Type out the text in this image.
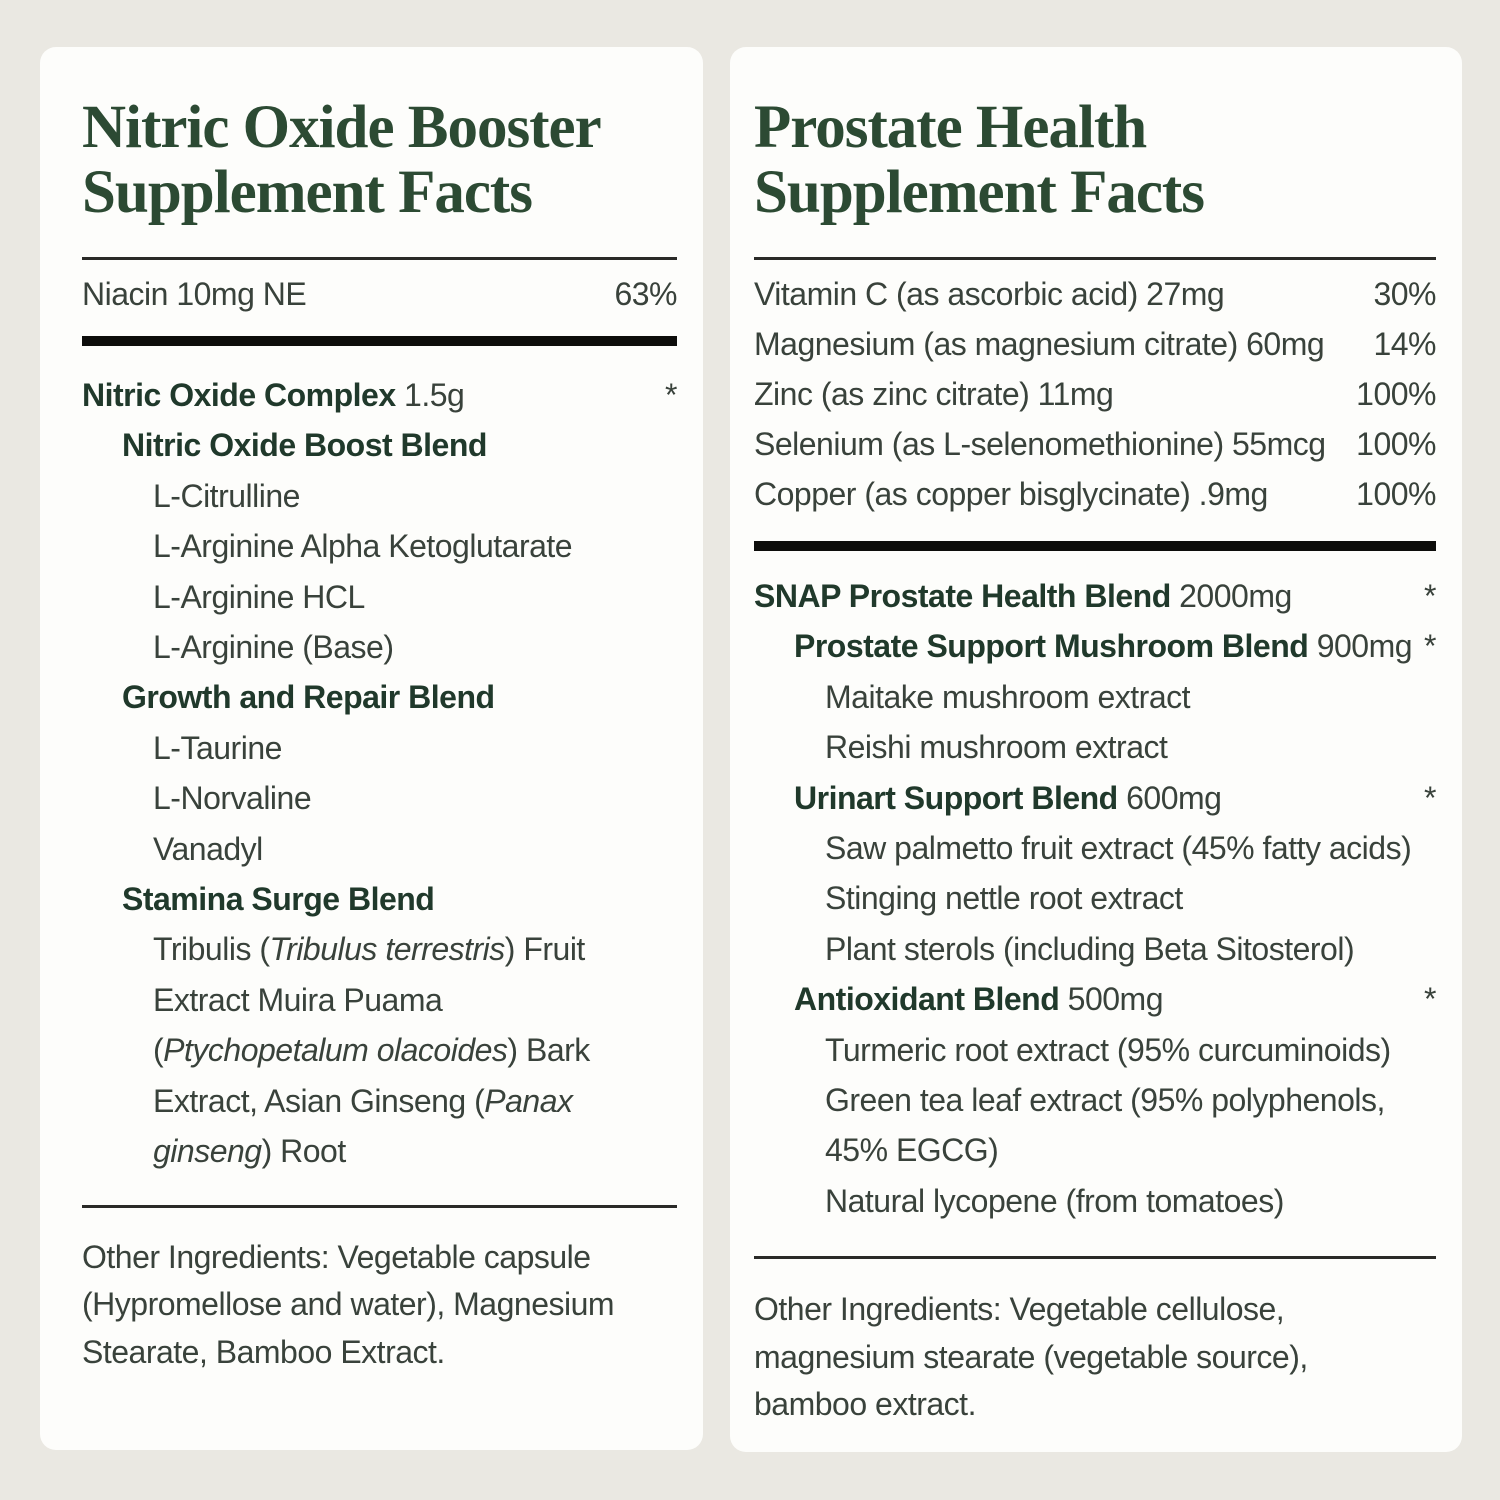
Nitric Oxide Booster
Supplement Facts
Niacin 10mg NE	63%
Nitric Oxide Complex 1.5g	*
Nitric Oxide Boost Blend
L-Citrulline
L-Arginine Alpha Ketoglutarate
L-Arginine HCL
L-Arginine (Base)
Growth and Repair Blend
L-Taurine
L-Norvaline
Vanadyl
Stamina Surge Blend
Tribulis (Tribulus terrestris) Fruit
Extract Muira Puama
(Ptychopetalum olacoides) Bark
Extract, Asian Ginseng (Panax
ginseng) Root
Other Ingredients: Vegetable capsule
(Hypromellose and water), Magnesium
Stearate, Bamboo Extract.
Prostate Health
Supplement Facts
Vitamin C (as ascorbic acid) 27mg	30%
Magnesium (as magnesium citrate) 60mg 14%
Zinc (as zinc citrate) 11mg	100%
Selenium (as L-selenomethionine) 55mcg 100%
Copper (as copper bisglycinate) .9mg	100%
SNAP Prostate Health Blend 2000mg	*
Prostate Support Mushroom Blend 900mg *
Maitake mushroom extract
Reishi mushroom extract
Urinart Support Blend 600mg	*
Saw palmetto fruit extract (45% fatty acids)
Stinging nettle root extract
Plant sterols (including Beta Sitosterol)
Antioxidant Blend 500mg	*
Turmeric root extract (95% curcuminoids)
Green tea leaf extract (95% polyphenols,
45% EGCG)
Natural lycopene (from tomatoes)
Other Ingredients: Vegetable cellulose,
magnesium stearate (vegetable source),
bamboo extract.
